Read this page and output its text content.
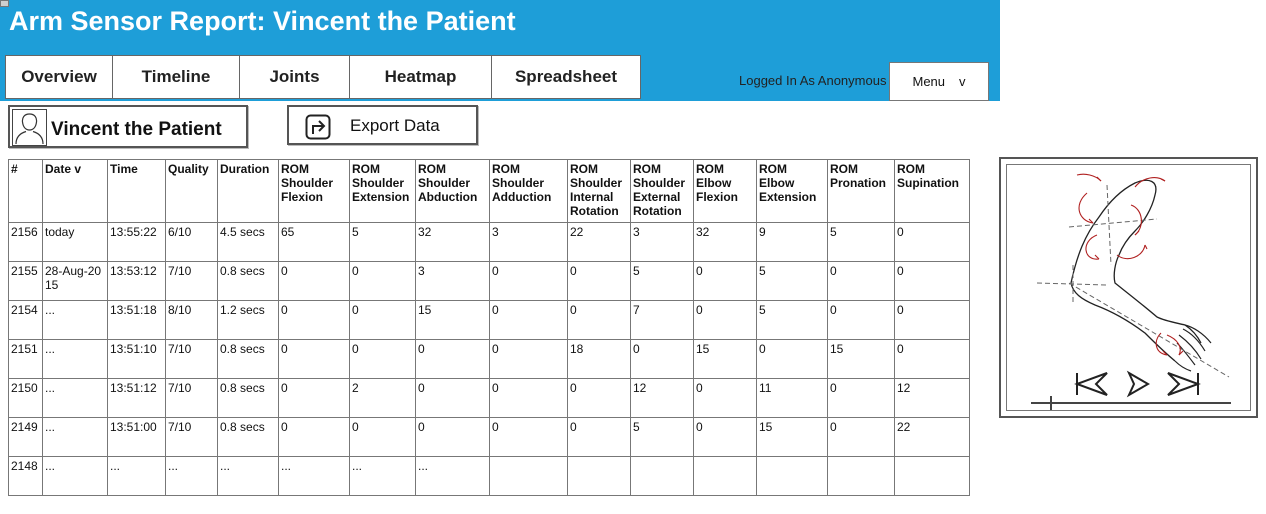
Arm Sensor Report: Vincent the Patient
Overview	Timeline	Joints	Heatmap	Spreadsheet	Logged In As Anonymous Menu v
Vincent the Patient	Export Data
#	Date v	Time	Quality	Duration	ROM Shoulder Flexion	ROM Shoulder Extension	ROM Shoulder Abduction	ROM Shoulder Adduction	ROM Shoulder Internal Rotation	ROM Shoulder External Rotation	ROM Elbow Flexion	ROM Elbow Extension	ROM Pronation	ROM Supination
2156	today	13:55:22	6/10	4.5 secs	65	5	32	3	22	3	32	9	5	0
2155	28-Aug-2015	13:53:12	7/10	0.8 secs	0	0	3	0	0	5	0	5	0	0
2154	...	13:51:18	8/10	1.2 secs	0	0	15	0	0	7	0	5	0	0
2151	...	13:51:10	7/10	0.8 secs	0	0	0	0	18	0	15	0	15	0
2150	...	13:51:12	7/10	0.8 secs	0	2	0	0	0	12	0	11	0	12
2149	...	13:51:00	7/10	0.8 secs	0	0	0	0	0	5	0	15	0	22
2148	...	...	...	...	...	...	...							
